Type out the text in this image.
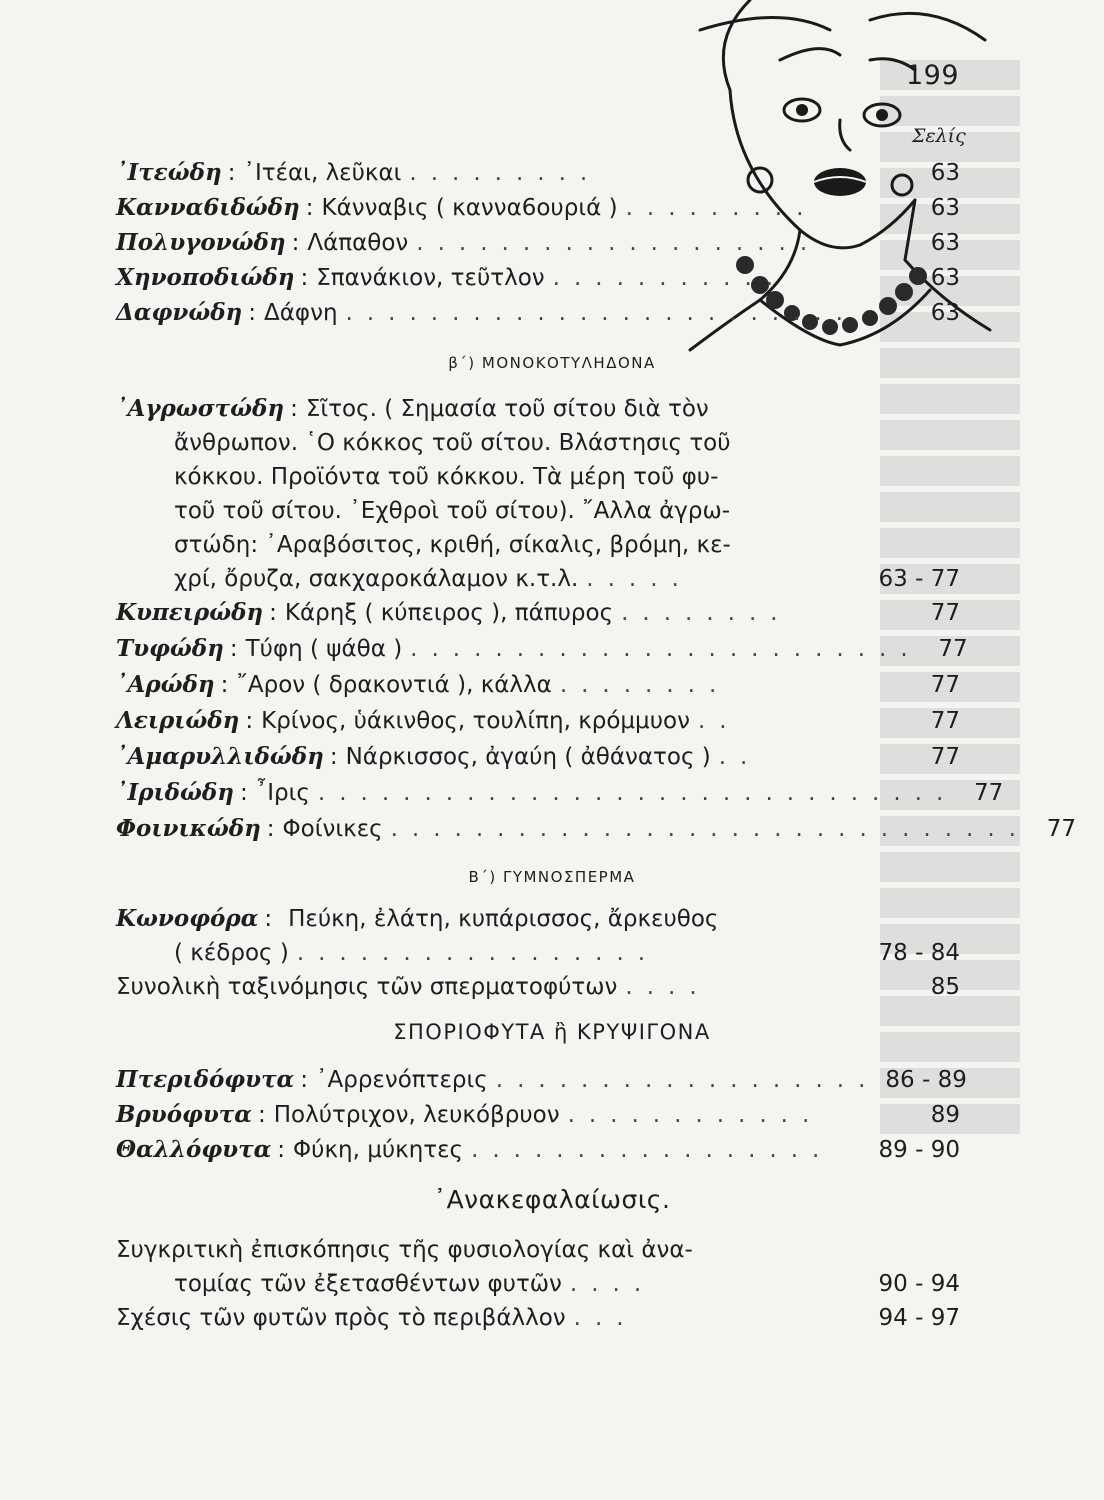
199
Σελίς
᾿Ιτεώδη : ᾿Ιτέαι, λεῦκαι .........	63
Καννα6ιδώδη : Κάνναβις ( καννα6ουριά ) .........	63
Πολυγονώδη : Λάπαθον ...................	63
Χηνοποδιώδη : Σπανάκιον, τεῦτλον ...........	63
Δαφνώδη : Δάφνη ........................	63
β΄) ΜΟΝΟΚΟΤΥΛΗΔΟΝΑ
᾿Αγρωστώδη : Σῖτος. ( Σημασία τοῦ σίτου διὰ τὸν
ἄνθρωπον. ῾Ο κόκκος τοῦ σίτου. Βλάστησις τοῦ
κόκκου. Προϊόντα τοῦ κόκκου. Τὰ μέρη τοῦ φυ-
τοῦ τοῦ σίτου. ᾿Εχθροὶ τοῦ σίτου). ῎Αλλα ἀγρω-
στώδη: ᾿Αραβόσιτος, κριθή, σίκαλις, βρόμη, κε-
χρί, ὄρυζα, σακχαροκάλαμον κ.τ.λ. .....	63 - 77
Κυπειρώδη : Κάρηξ ( κύπειρος ), πάπυρος ........	77
Τυφώδη : Τύφη ( ψάθα ) ........................ 77
᾿Αρώδη : ῎Αρον ( δρακοντιά ), κάλλα ........	77
Λειριώδη : Κρίνος, ὑάκινθος, τουλίπη, κρόμμυον ..	77
᾿Αμαρυλλιδώδη : Νάρκισσος, ἀγαύη ( ἀθάνατος ) ..	77
᾿Ιριδώδη : ῏Ιρις .............................. 77
Φοινικώδη : Φοίνικες .............................. 77
Β΄) ΓΥΜΝΟΣΠΕΡΜΑ
Κωνοφόρα : Πεύκη, ἐλάτη, κυπάρισσος, ἄρκευθος
( κέδρος ) .................	78 - 84
Συνολικὴ ταξινόμησις τῶν σπερματοφύτων ....	85
ΣΠΟΡΙΟΦΥΤΑ ἢ ΚΡΥΨΙΓΟΝΑ
Πτεριδόφυτα : ᾿Αρρενόπτερις .................. 86 - 89
Βρυόφυτα : Πολύτριχον, λευκόβρυον ............	89
Θαλλόφυτα : Φύκη, μύκητες .................	89 - 90
᾿Ανακεφαλαίωσις.
Συγκριτικὴ ἐπισκόπησις τῆς φυσιολογίας καὶ ἀνα-
τομίας τῶν ἐξετασθέντων φυτῶν ....	90 - 94
Σχέσις τῶν φυτῶν πρὸς τὸ περιβάλλον ...	94 - 97
